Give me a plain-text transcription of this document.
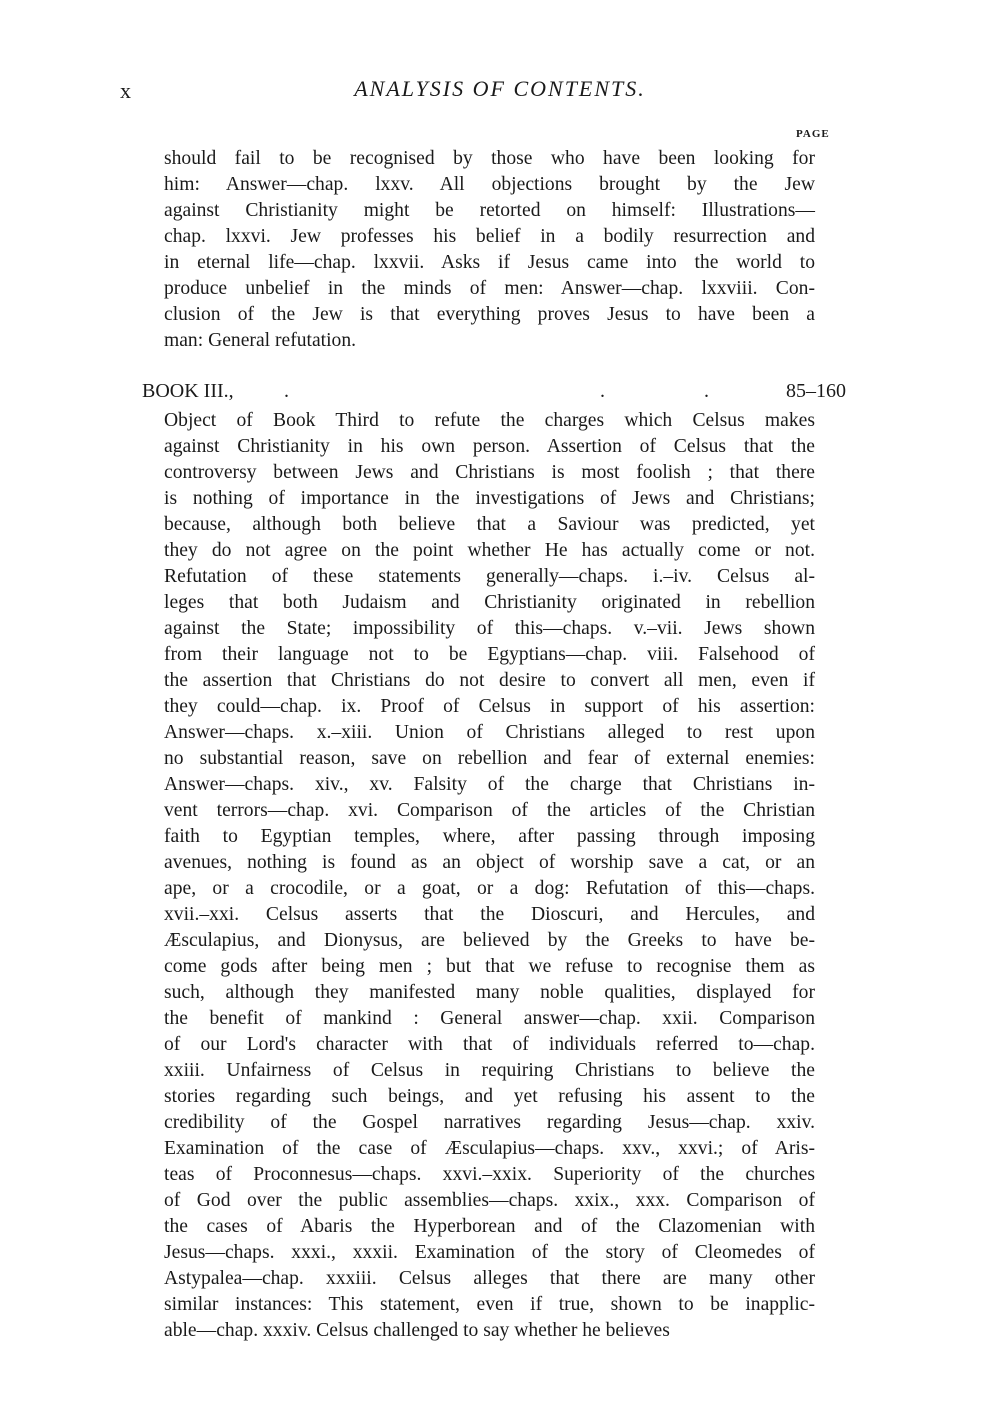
x	ANALYSIS OF CONTENTS.
PAGE
should fail to be recognised by those who have been looking for
him: Answer—chap. lxxv. All objections brought by the Jew
against Christianity might be retorted on himself: Illustrations—
chap. lxxvi. Jew professes his belief in a bodily resurrection and
in eternal life—chap. lxxvii. Asks if Jesus came into the world to
produce unbelief in the minds of men: Answer—chap. lxxviii. Con-
clusion of the Jew is that everything proves Jesus to have been a
man: General refutation.
BOOK III.,	.	.	.	85–160
Object of Book Third to refute the charges which Celsus makes
against Christianity in his own person. Assertion of Celsus that the
controversy between Jews and Christians is most foolish ; that there
is nothing of importance in the investigations of Jews and Christians;
because, although both believe that a Saviour was predicted, yet
they do not agree on the point whether He has actually come or not.
Refutation of these statements generally—chaps. i.–iv. Celsus al-
leges that both Judaism and Christianity originated in rebellion
against the State; impossibility of this—chaps. v.–vii. Jews shown
from their language not to be Egyptians—chap. viii. Falsehood of
the assertion that Christians do not desire to convert all men, even if
they could—chap. ix. Proof of Celsus in support of his assertion:
Answer—chaps. x.–xiii. Union of Christians alleged to rest upon
no substantial reason, save on rebellion and fear of external enemies:
Answer—chaps. xiv., xv. Falsity of the charge that Christians in-
vent terrors—chap. xvi. Comparison of the articles of the Christian
faith to Egyptian temples, where, after passing through imposing
avenues, nothing is found as an object of worship save a cat, or an
ape, or a crocodile, or a goat, or a dog: Refutation of this—chaps.
xvii.–xxi. Celsus asserts that the Dioscuri, and Hercules, and
Æsculapius, and Dionysus, are believed by the Greeks to have be-
come gods after being men ; but that we refuse to recognise them as
such, although they manifested many noble qualities, displayed for
the benefit of mankind : General answer—chap. xxii. Comparison
of our Lord's character with that of individuals referred to—chap.
xxiii. Unfairness of Celsus in requiring Christians to believe the
stories regarding such beings, and yet refusing his assent to the
credibility of the Gospel narratives regarding Jesus—chap. xxiv.
Examination of the case of Æsculapius—chaps. xxv., xxvi.; of Aris-
teas of Proconnesus—chaps. xxvi.–xxix. Superiority of the churches
of God over the public assemblies—chaps. xxix., xxx. Comparison of
the cases of Abaris the Hyperborean and of the Clazomenian with
Jesus—chaps. xxxi., xxxii. Examination of the story of Cleomedes of
Astypalea—chap. xxxiii. Celsus alleges that there are many other
similar instances: This statement, even if true, shown to be inapplic-
able—chap. xxxiv. Celsus challenged to say whether he believes
